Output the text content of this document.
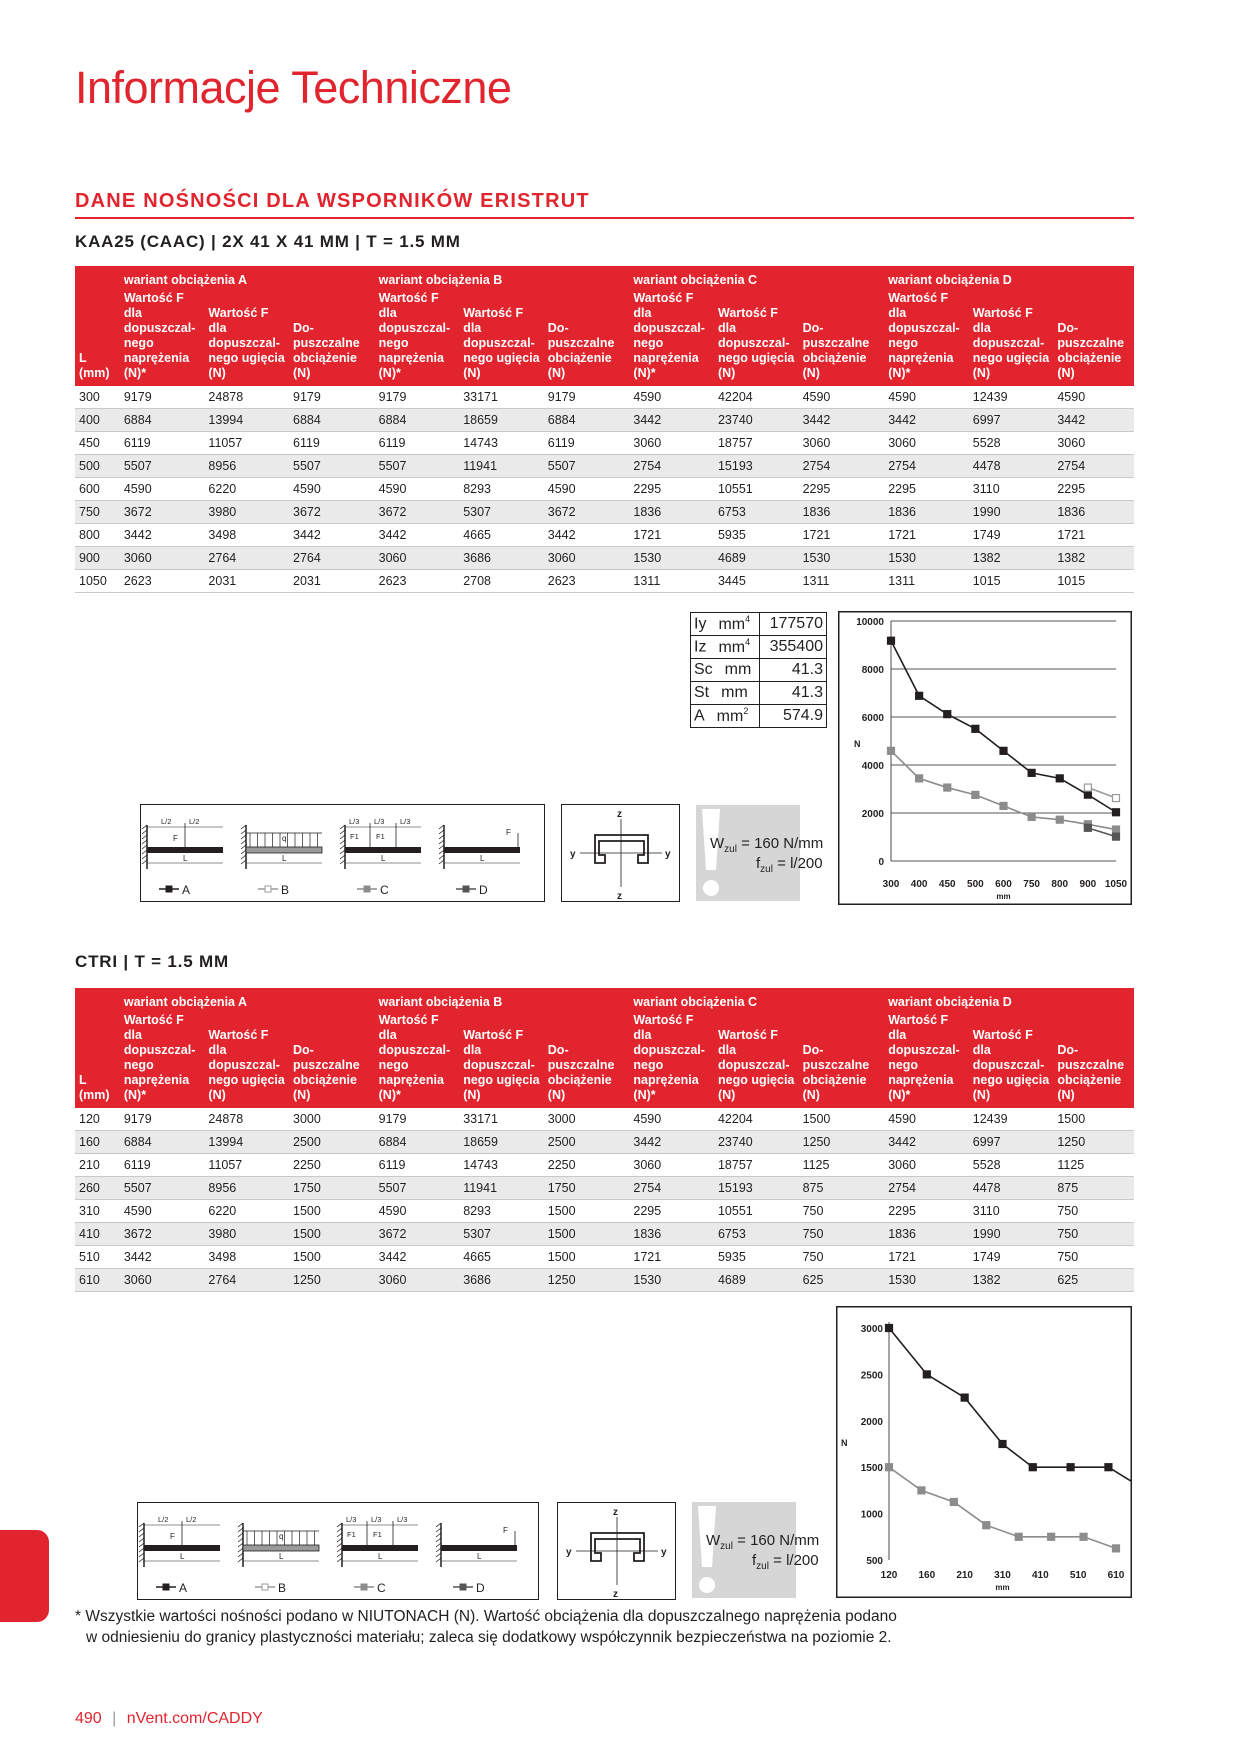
Informacje Techniczne
DANE NOŚNOŚCI DLA WSPORNIKÓW ERISTRUT
KAA25 (CAAC) | 2X 41 X 41 MM | T = 1.5 MM
L
(mm)	wariant obciążenia A			wariant obciążenia B			wariant obciążenia C			wariant obciążenia D		
	Wartość F dla dopuszczal- nego naprężenia (N)*	Wartość F dla dopuszczal- nego ugięcia (N)	Do- puszczalne obciążenie (N)	Wartość F dla dopuszczal- nego naprężenia (N)*	Wartość F dla dopuszczal- nego ugięcia (N)	Do- puszczalne obciążenie (N)	Wartość F dla dopuszczal- nego naprężenia (N)*	Wartość F dla dopuszczal- nego ugięcia (N)	Do- puszczalne obciążenie (N)	Wartość F dla dopuszczal- nego naprężenia (N)*	Wartość F dla dopuszczal- nego ugięcia (N)	Do- puszczalne obciążenie (N)
300	9179	24878	9179	9179	33171	9179	4590	42204	4590	4590	12439	4590
400	6884	13994	6884	6884	18659	6884	3442	23740	3442	3442	6997	3442
450	6119	11057	6119	6119	14743	6119	3060	18757	3060	3060	5528	3060
500	5507	8956	5507	5507	11941	5507	2754	15193	2754	2754	4478	2754
600	4590	6220	4590	4590	8293	4590	2295	10551	2295	2295	3110	2295
750	3672	3980	3672	3672	5307	3672	1836	6753	1836	1836	1990	1836
800	3442	3498	3442	3442	4665	3442	1721	5935	1721	1721	1749	1721
900	3060	2764	2764	3060	3686	3060	1530	4689	1530	1530	1382	1382
1050	2623	2031	2031	2623	2708	2623	1311	3445	1311	1311	1015	1015
Iy $mm^4$	177570
Iz $mm^4$	355400
Sc mm	41.3
St mm	41.3
A $mm^2$	574.9
0
2000
4000
6000
8000
10000
N
300 400 450 500 600 750 800 900 1050
mm
L
L/2 L/2
F
A
L
q
B
L
L/3 L/3 L/3
F1 F1
C
L
F
D
z
z
y	y
$W_{zul} = 160$ N/mm
$f_{zul} = l/200$
CTRI | T = 1.5 MM
L
(mm)	wariant obciążenia A			wariant obciążenia B			wariant obciążenia C			wariant obciążenia D		
	Wartość F dla dopuszczal- nego naprężenia (N)*	Wartość F dla dopuszczal- nego ugięcia (N)	Do- puszczalne obciążenie (N)	Wartość F dla dopuszczal- nego naprężenia (N)*	Wartość F dla dopuszczal- nego ugięcia (N)	Do- puszczalne obciążenie (N)	Wartość F dla dopuszczal- nego naprężenia (N)*	Wartość F dla dopuszczal- nego ugięcia (N)	Do- puszczalne obciążenie (N)	Wartość F dla dopuszczal- nego naprężenia (N)*	Wartość F dla dopuszczal- nego ugięcia (N)	Do- puszczalne obciążenie (N)
120	9179	24878	3000	9179	33171	3000	4590	42204	1500	4590	12439	1500
160	6884	13994	2500	6884	18659	2500	3442	23740	1250	3442	6997	1250
210	6119	11057	2250	6119	14743	2250	3060	18757	1125	3060	5528	1125
260	5507	8956	1750	5507	11941	1750	2754	15193	875	2754	4478	875
310	4590	6220	1500	4590	8293	1500	2295	10551	750	2295	3110	750
410	3672	3980	1500	3672	5307	1500	1836	6753	750	1836	1990	750
510	3442	3498	1500	3442	4665	1500	1721	5935	750	1721	1749	750
610	3060	2764	1250	3060	3686	1250	1530	4689	625	1530	1382	625
500
1000
1500
2000
2500
3000
N
120 160 210 310 410 510 610
mm
L
L/2 L/2
F
A
L
q
B
L
L/3 L/3 L/3
F1 F1
C
L
F
D
z
z
y	y
$W_{zul} = 160$ N/mm
$f_{zul} = l/200$
* Wszystkie wartości nośności podano w NIUTONACH (N). Wartość obciążenia dla dopuszczalnego naprężenia podano
w odniesieniu do granicy plastyczności materiału; zaleca się dodatkowy współczynnik bezpieczeństwa na poziomie 2.
490 | nVent.com/CADDY
